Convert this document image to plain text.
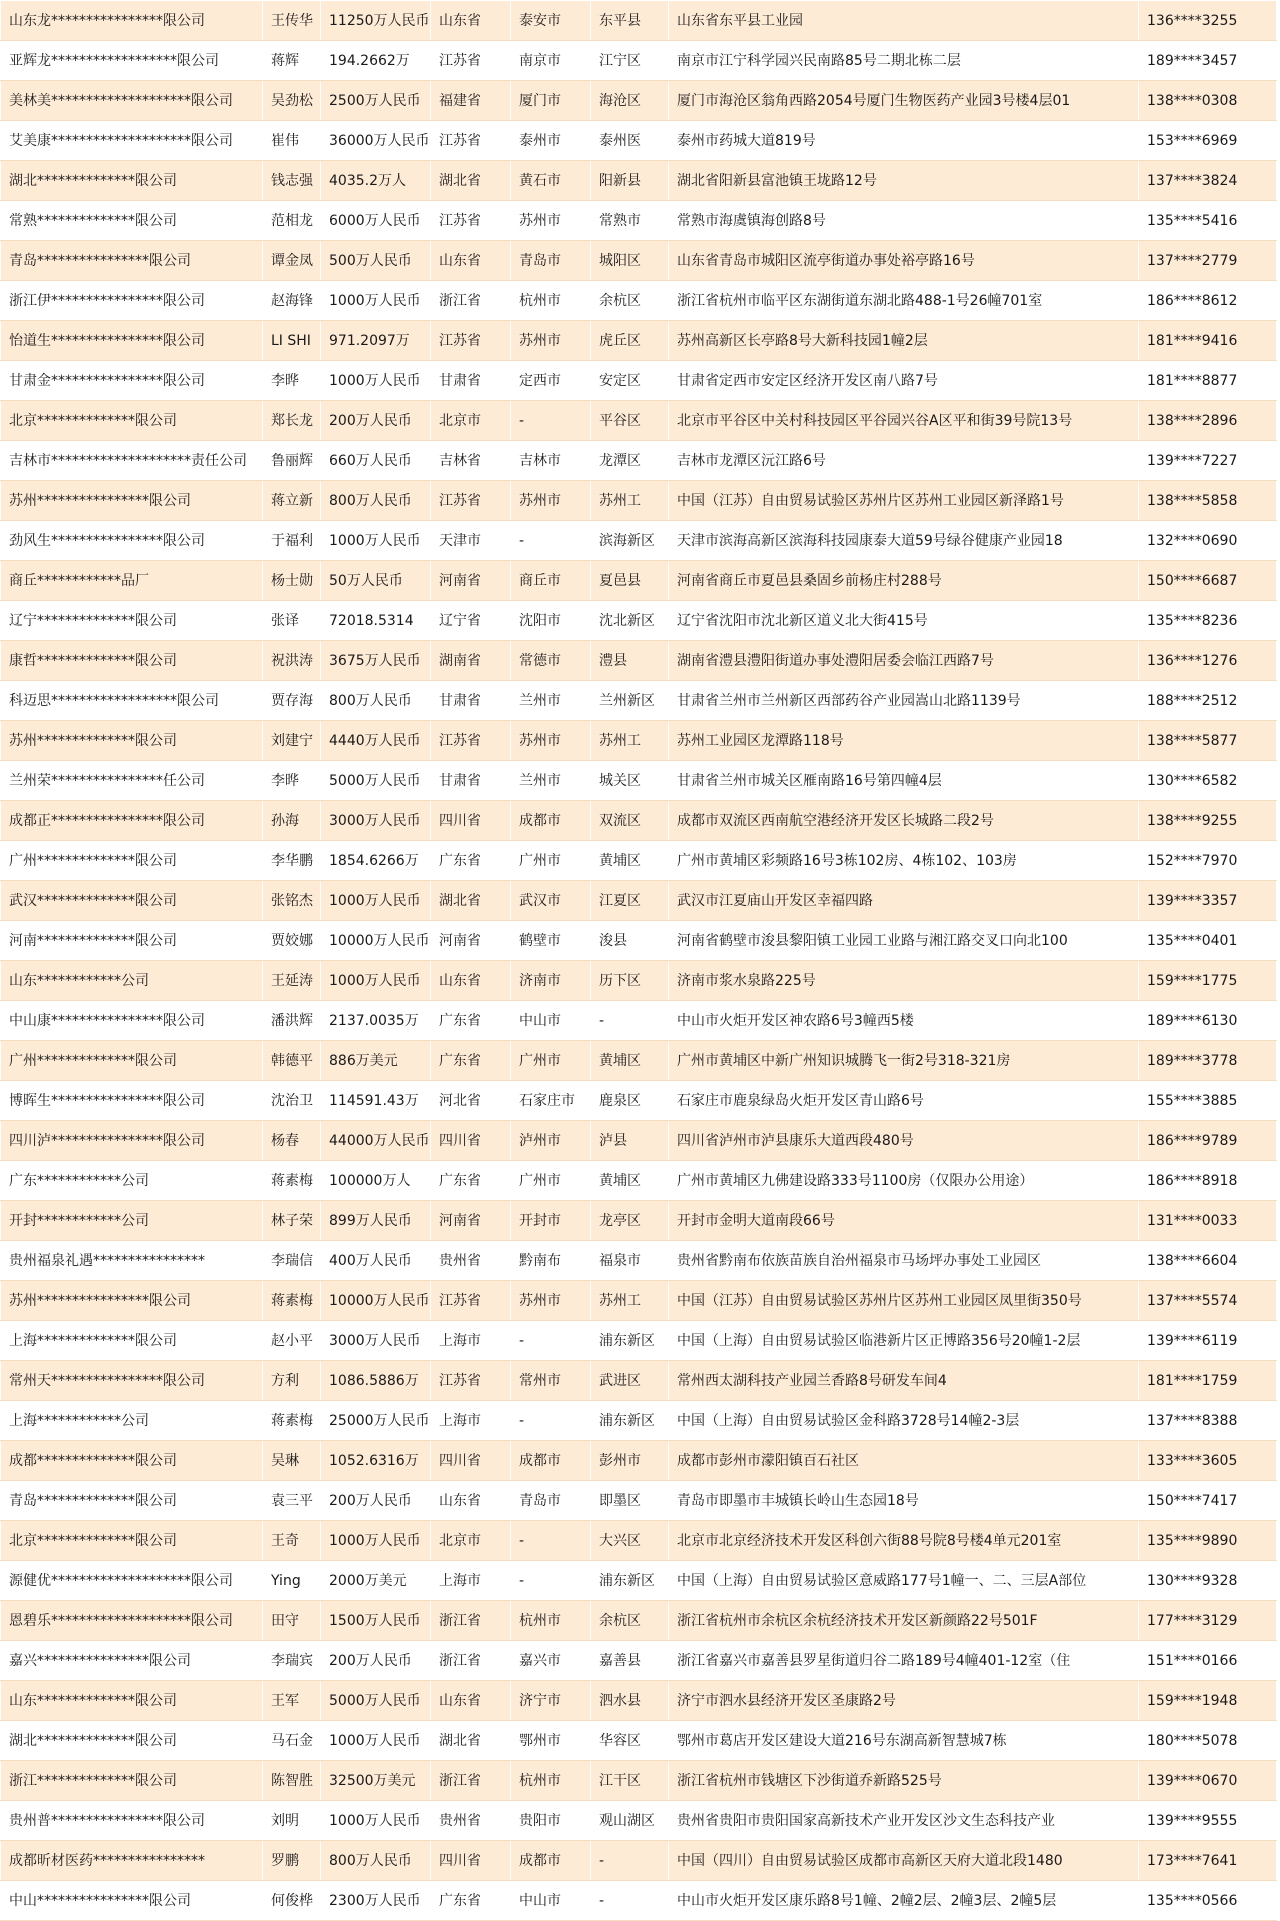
山东龙****************限公司	王传华	11250万人民币	山东省	泰安市	东平县	山东省东平县工业园	136****3255
亚辉龙******************限公司	蒋辉	194.2662万	江苏省	南京市	江宁区	南京市江宁科学园兴民南路85号二期北栋二层	189****3457
美林美********************限公司	吴劲松	2500万人民币	福建省	厦门市	海沧区	厦门市海沧区翁角西路2054号厦门生物医药产业园3号楼4层01	138****0308
艾美康********************限公司	崔伟	36000万人民币	江苏省	泰州市	泰州医	泰州市药城大道819号	153****6969
湖北**************限公司	钱志强	4035.2万人	湖北省	黄石市	阳新县	湖北省阳新县富池镇王垅路12号	137****3824
常熟**************限公司	范相龙	6000万人民币	江苏省	苏州市	常熟市	常熟市海虞镇海创路8号	135****5416
青岛****************限公司	谭金凤	500万人民币	山东省	青岛市	城阳区	山东省青岛市城阳区流亭街道办事处裕亭路16号	137****2779
浙江伊****************限公司	赵海锋	1000万人民币	浙江省	杭州市	余杭区	浙江省杭州市临平区东湖街道东湖北路488-1号26幢701室	186****8612
怡道生****************限公司	LI SHI	971.2097万	江苏省	苏州市	虎丘区	苏州高新区长亭路8号大新科技园1幢2层	181****9416
甘肃金****************限公司	李晔	1000万人民币	甘肃省	定西市	安定区	甘肃省定西市安定区经济开发区南八路7号	181****8877
北京**************限公司	郑长龙	200万人民币	北京市	-	平谷区	北京市平谷区中关村科技园区平谷园兴谷A区平和街39号院13号	138****2896
吉林市********************责任公司	鲁丽辉	660万人民币	吉林省	吉林市	龙潭区	吉林市龙潭区沅江路6号	139****7227
苏州****************限公司	蒋立新	800万人民币	江苏省	苏州市	苏州工	中国（江苏）自由贸易试验区苏州片区苏州工业园区新泽路1号	138****5858
劲风生****************限公司	于福利	1000万人民币	天津市	-	滨海新区	天津市滨海高新区滨海科技园康泰大道59号绿谷健康产业园18	132****0690
商丘************品厂	杨士勋	50万人民币	河南省	商丘市	夏邑县	河南省商丘市夏邑县桑固乡前杨庄村288号	150****6687
辽宁**************限公司	张译	72018.5314	辽宁省	沈阳市	沈北新区	辽宁省沈阳市沈北新区道义北大街415号	135****8236
康哲**************限公司	祝洪涛	3675万人民币	湖南省	常德市	澧县	湖南省澧县澧阳街道办事处澧阳居委会临江西路7号	136****1276
科迈思******************限公司	贾存海	800万人民币	甘肃省	兰州市	兰州新区	甘肃省兰州市兰州新区西部药谷产业园嵩山北路1139号	188****2512
苏州**************限公司	刘建宁	4440万人民币	江苏省	苏州市	苏州工	苏州工业园区龙潭路118号	138****5877
兰州荣****************任公司	李晔	5000万人民币	甘肃省	兰州市	城关区	甘肃省兰州市城关区雁南路16号第四幢4层	130****6582
成都正****************限公司	孙海	3000万人民币	四川省	成都市	双流区	成都市双流区西南航空港经济开发区长城路二段2号	138****9255
广州**************限公司	李华鹏	1854.6266万	广东省	广州市	黄埔区	广州市黄埔区彩频路16号3栋102房、4栋102、103房	152****7970
武汉**************限公司	张铭杰	1000万人民币	湖北省	武汉市	江夏区	武汉市江夏庙山开发区幸福四路	139****3357
河南**************限公司	贾姣娜	10000万人民币	河南省	鹤壁市	浚县	河南省鹤壁市浚县黎阳镇工业园工业路与湘江路交叉口向北100	135****0401
山东************公司	王延涛	1000万人民币	山东省	济南市	历下区	济南市浆水泉路225号	159****1775
中山康****************限公司	潘洪辉	2137.0035万	广东省	中山市	-	中山市火炬开发区神农路6号3幢西5楼	189****6130
广州**************限公司	韩德平	886万美元	广东省	广州市	黄埔区	广州市黄埔区中新广州知识城腾飞一街2号318-321房	189****3778
博晖生****************限公司	沈治卫	114591.43万	河北省	石家庄市	鹿泉区	石家庄市鹿泉绿岛火炬开发区青山路6号	155****3885
四川泸****************限公司	杨春	44000万人民币	四川省	泸州市	泸县	四川省泸州市泸县康乐大道西段480号	186****9789
广东************公司	蒋素梅	100000万人	广东省	广州市	黄埔区	广州市黄埔区九佛建设路333号1100房（仅限办公用途）	186****8918
开封************公司	林子荣	899万人民币	河南省	开封市	龙亭区	开封市金明大道南段66号	131****0033
贵州福泉礼遇****************	李瑞信	400万人民币	贵州省	黔南布	福泉市	贵州省黔南布依族苗族自治州福泉市马场坪办事处工业园区	138****6604
苏州****************限公司	蒋素梅	10000万人民币	江苏省	苏州市	苏州工	中国（江苏）自由贸易试验区苏州片区苏州工业园区凤里街350号	137****5574
上海**************限公司	赵小平	3000万人民币	上海市	-	浦东新区	中国（上海）自由贸易试验区临港新片区正博路356号20幢1-2层	139****6119
常州天****************限公司	方利	1086.5886万	江苏省	常州市	武进区	常州西太湖科技产业园兰香路8号研发车间4	181****1759
上海************公司	蒋素梅	25000万人民币	上海市	-	浦东新区	中国（上海）自由贸易试验区金科路3728号14幢2-3层	137****8388
成都**************限公司	吴琳	1052.6316万	四川省	成都市	彭州市	成都市彭州市濛阳镇百石社区	133****3605
青岛**************限公司	袁三平	200万人民币	山东省	青岛市	即墨区	青岛市即墨市丰城镇长岭山生态园18号	150****7417
北京**************限公司	王奇	1000万人民币	北京市	-	大兴区	北京市北京经济技术开发区科创六街88号院8号楼4单元201室	135****9890
源健优********************限公司	Ying	2000万美元	上海市	-	浦东新区	中国（上海）自由贸易试验区意威路177号1幢一、二、三层A部位	130****9328
恩碧乐********************限公司	田守	1500万人民币	浙江省	杭州市	余杭区	浙江省杭州市余杭区余杭经济技术开发区新颜路22号501F	177****3129
嘉兴****************限公司	李瑞宾	200万人民币	浙江省	嘉兴市	嘉善县	浙江省嘉兴市嘉善县罗星街道归谷二路189号4幢401-12室（住	151****0166
山东**************限公司	王军	5000万人民币	山东省	济宁市	泗水县	济宁市泗水县经济开发区圣康路2号	159****1948
湖北**************限公司	马石金	1000万人民币	湖北省	鄂州市	华容区	鄂州市葛店开发区建设大道216号东湖高新智慧城7栋	180****5078
浙江**************限公司	陈智胜	32500万美元	浙江省	杭州市	江干区	浙江省杭州市钱塘区下沙街道乔新路525号	139****0670
贵州普****************限公司	刘明	1000万人民币	贵州省	贵阳市	观山湖区	贵州省贵阳市贵阳国家高新技术产业开发区沙文生态科技产业	139****9555
成都昕材医药****************	罗鹏	800万人民币	四川省	成都市	-	中国（四川）自由贸易试验区成都市高新区天府大道北段1480	173****7641
中山****************限公司	何俊桦	2300万人民币	广东省	中山市	-	中山市火炬开发区康乐路8号1幢、2幢2层、2幢3层、2幢5层	135****0566
